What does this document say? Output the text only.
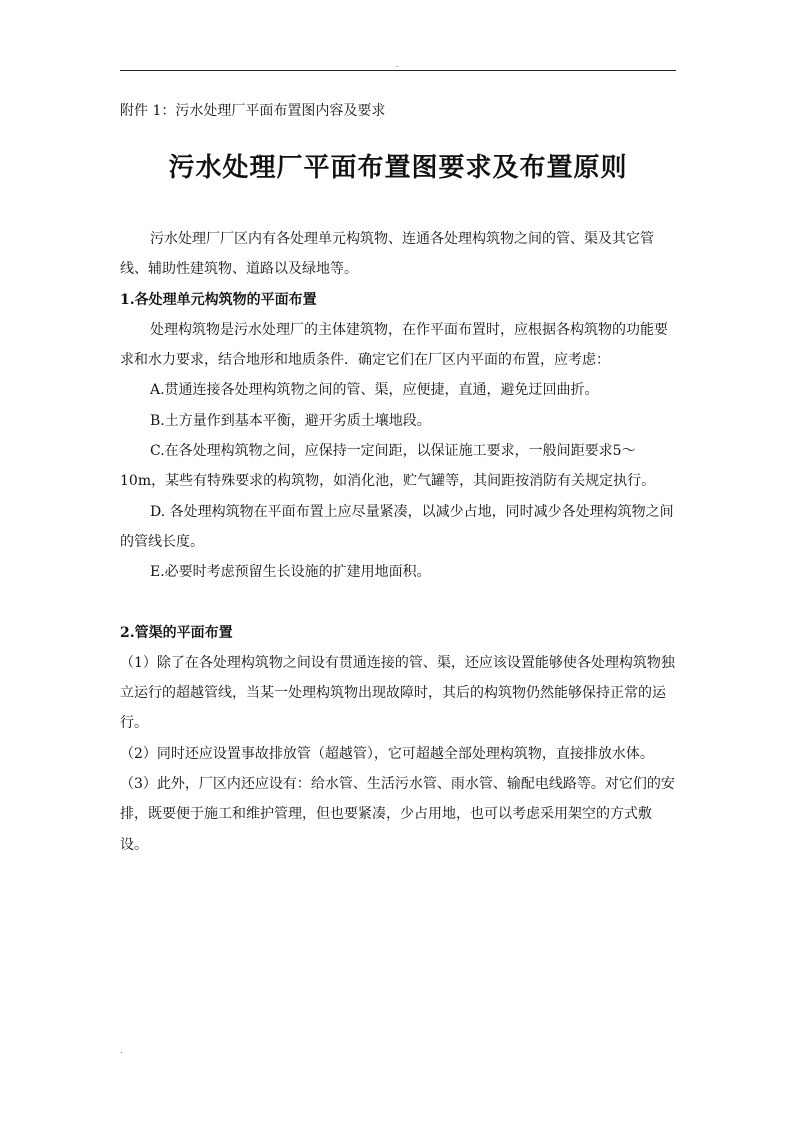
.
附件 1：污水处理厂平面布置图内容及要求
污水处理厂平面布置图要求及布置原则

污水处理厂厂区内有各处理单元构筑物、连通各处理构筑物之间的管、渠及其它管线、辅助性建筑物、道路以及绿地等。

1.各处理单元构筑物的平面布置

处理构筑物是污水处理厂的主体建筑物，在作平面布置时，应根据各构筑物的功能要求和水力要求，结合地形和地质条件．确定它们在厂区内平面的布置，应考虑：

A.贯通连接各处理构筑物之间的管、渠，应便捷，直通，避免迂回曲折。

B.土方量作到基本平衡，避开劣质土壤地段。

C.在各处理构筑物之间，应保持一定间距，以保证施工要求，一般间距要求5～10m，某些有特殊要求的构筑物，如消化池，贮气罐等，其间距按消防有关规定执行。

D. 各处理构筑物在平面布置上应尽量紧凑，以减少占地，同时减少各处理构筑物之间的管线长度。

E.必要时考虑预留生长设施的扩建用地面积。

2.管渠的平面布置

（1）除了在各处理构筑物之间设有贯通连接的管、渠，还应该设置能够使各处理构筑物独立运行的超越管线，当某一处理构筑物出现故障时，其后的构筑物仍然能够保持正常的运行。

（2）同时还应设置事故排放管（超越管），它可超越全部处理构筑物，直接排放水体。

（3）此外，厂区内还应设有：给水管、生活污水管、雨水管、输配电线路等。对它们的安排，既要便于施工和维护管理，但也要紧凑，少占用地，也可以考虑采用架空的方式敷设。

.
